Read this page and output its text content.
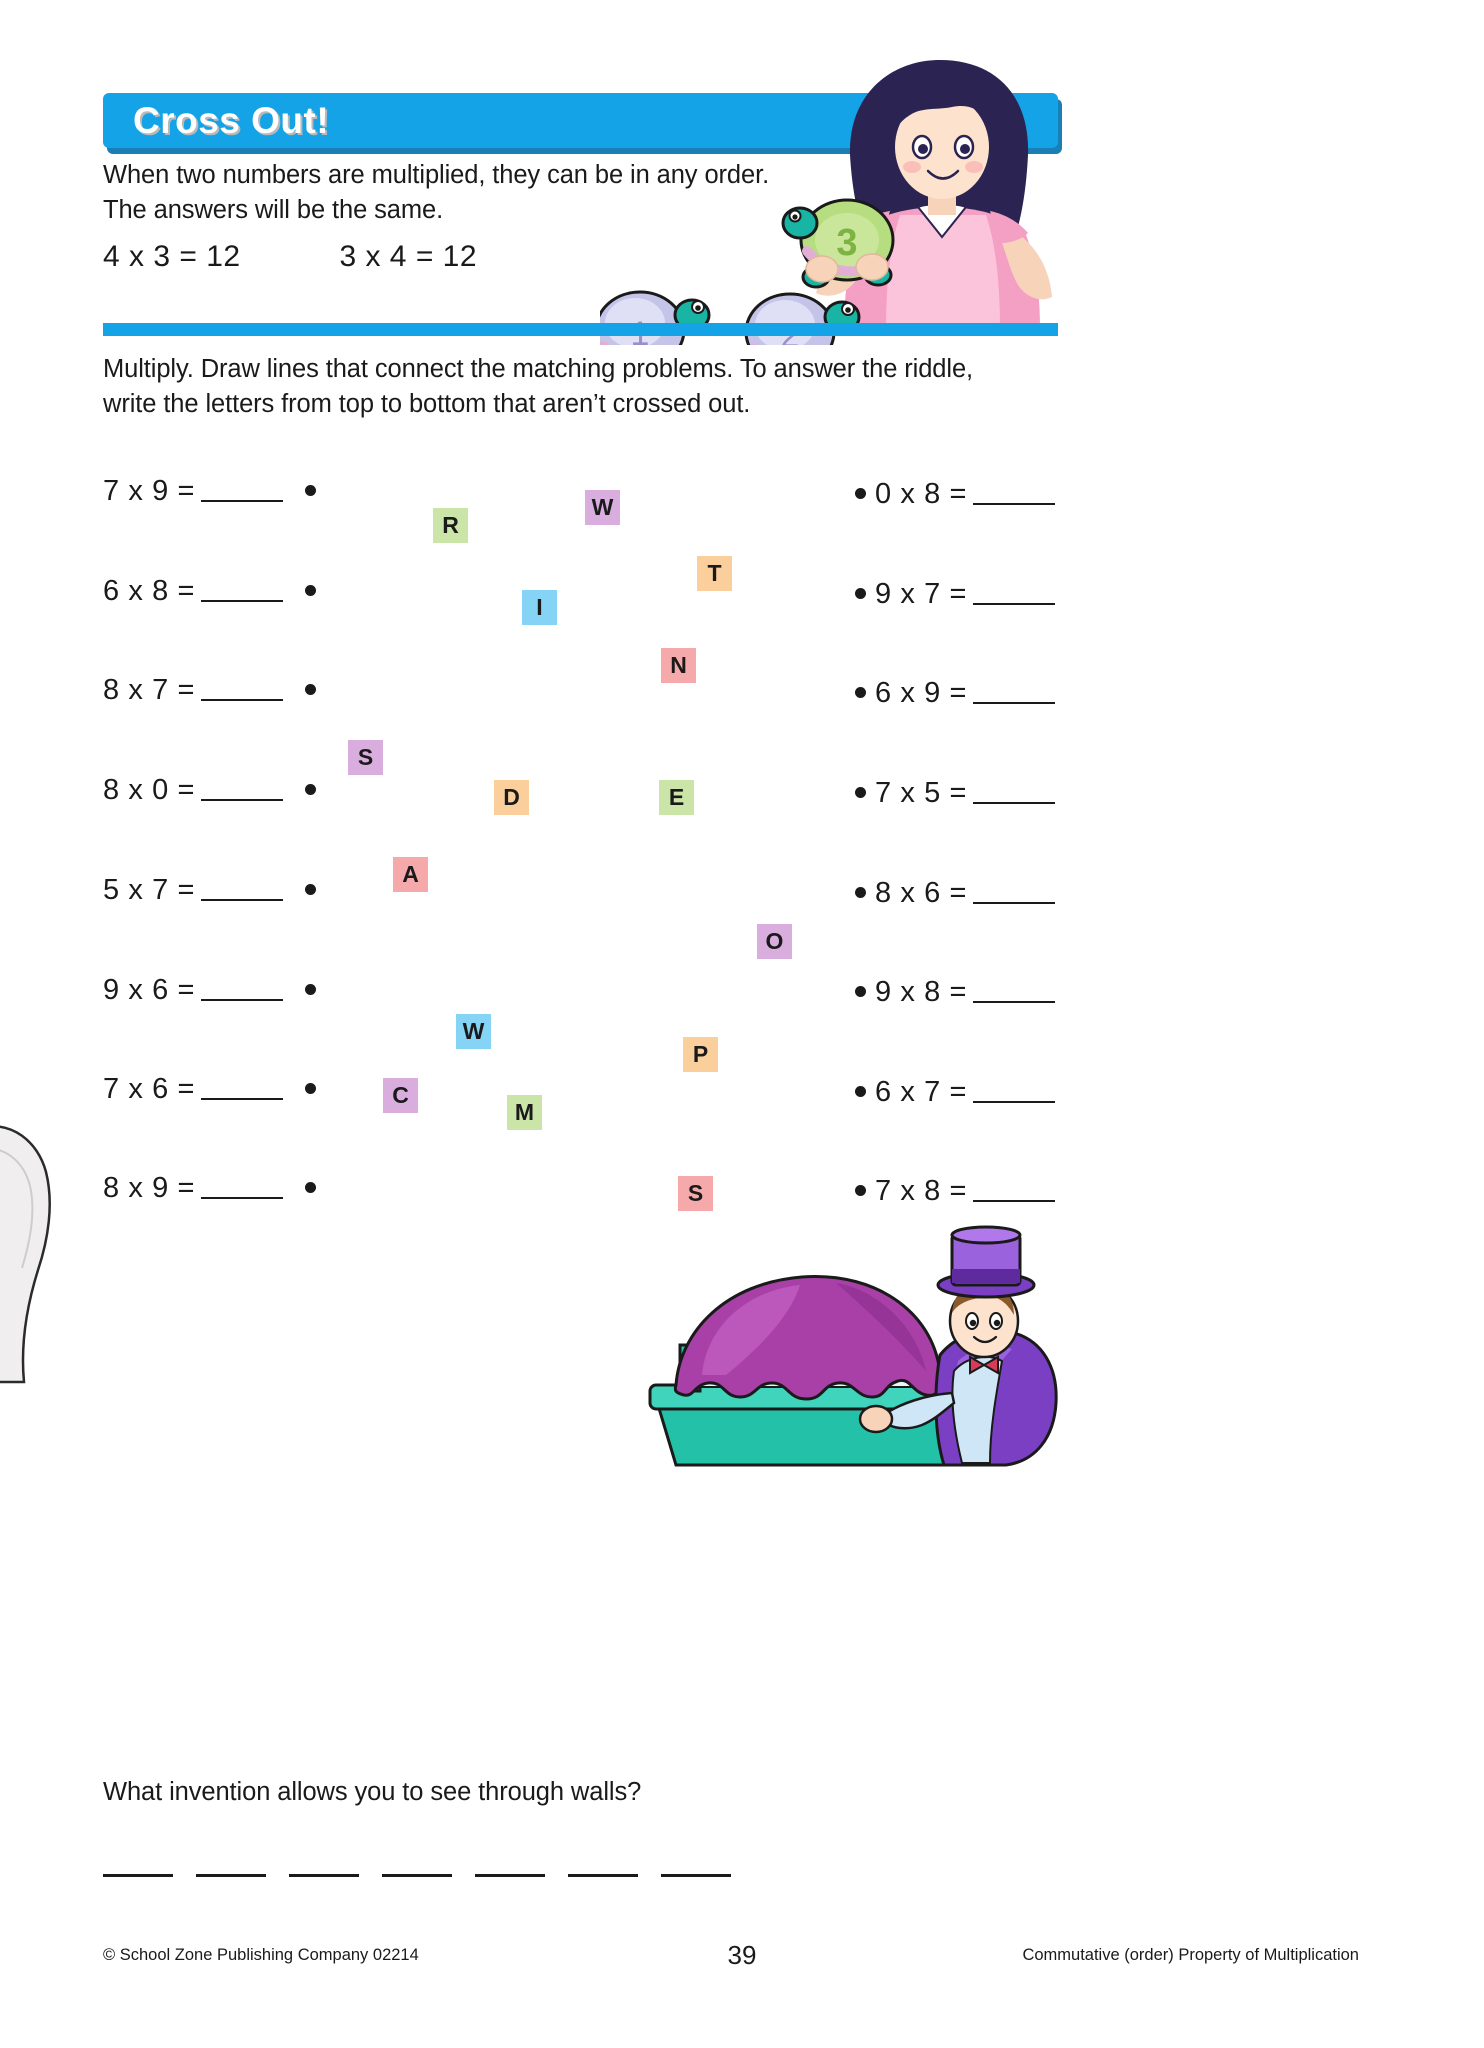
Cross Out!
When two numbers are multiplied, they can be in any order.
The answers will be the same.
4 x 3 = 12	3 x 4 = 12	3
Multiply. Draw lines that connect the matching problems. To answer the riddle,
write the letters from top to bottom that aren’t crossed out.
7 x 9 =
6 x 8 =
8 x 7 =
8 x 0 =
5 x 7 =
9 x 6 =
7 x 6 =
8 x 9 =
0 x 8 =
9 x 7 =
6 x 9 =
7 x 5 =
8 x 6 =
9 x 8 =
6 x 7 =
7 x 8 =
W
R
T
I
N
S
D	E
A
O
W
P
C
M
S
What invention allows you to see through walls?
© School Zone Publishing Company 02214	39	Commutative (order) Property of Multiplication
